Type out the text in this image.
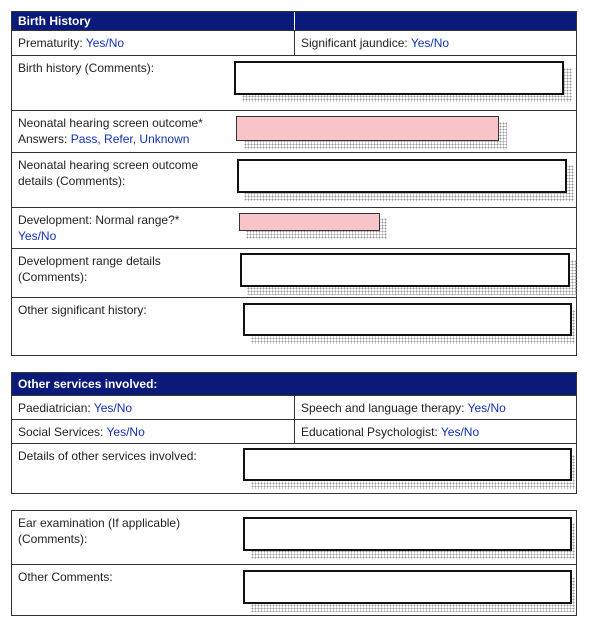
Birth History
Prematurity: Yes/No	Significant jaundice: Yes/No
Birth history (Comments):
Neonatal hearing screen outcome*
Answers: Pass, Refer, Unknown
Neonatal hearing screen outcome
details (Comments):
Development: Normal range?*
Yes/No
Development range details
(Comments):
Other significant history:
Other services involved:
Paediatrician: Yes/No	Speech and language therapy: Yes/No
Social Services: Yes/No	Educational Psychologist: Yes/No
Details of other services involved:
Ear examination (If applicable)
(Comments):
Other Comments:
